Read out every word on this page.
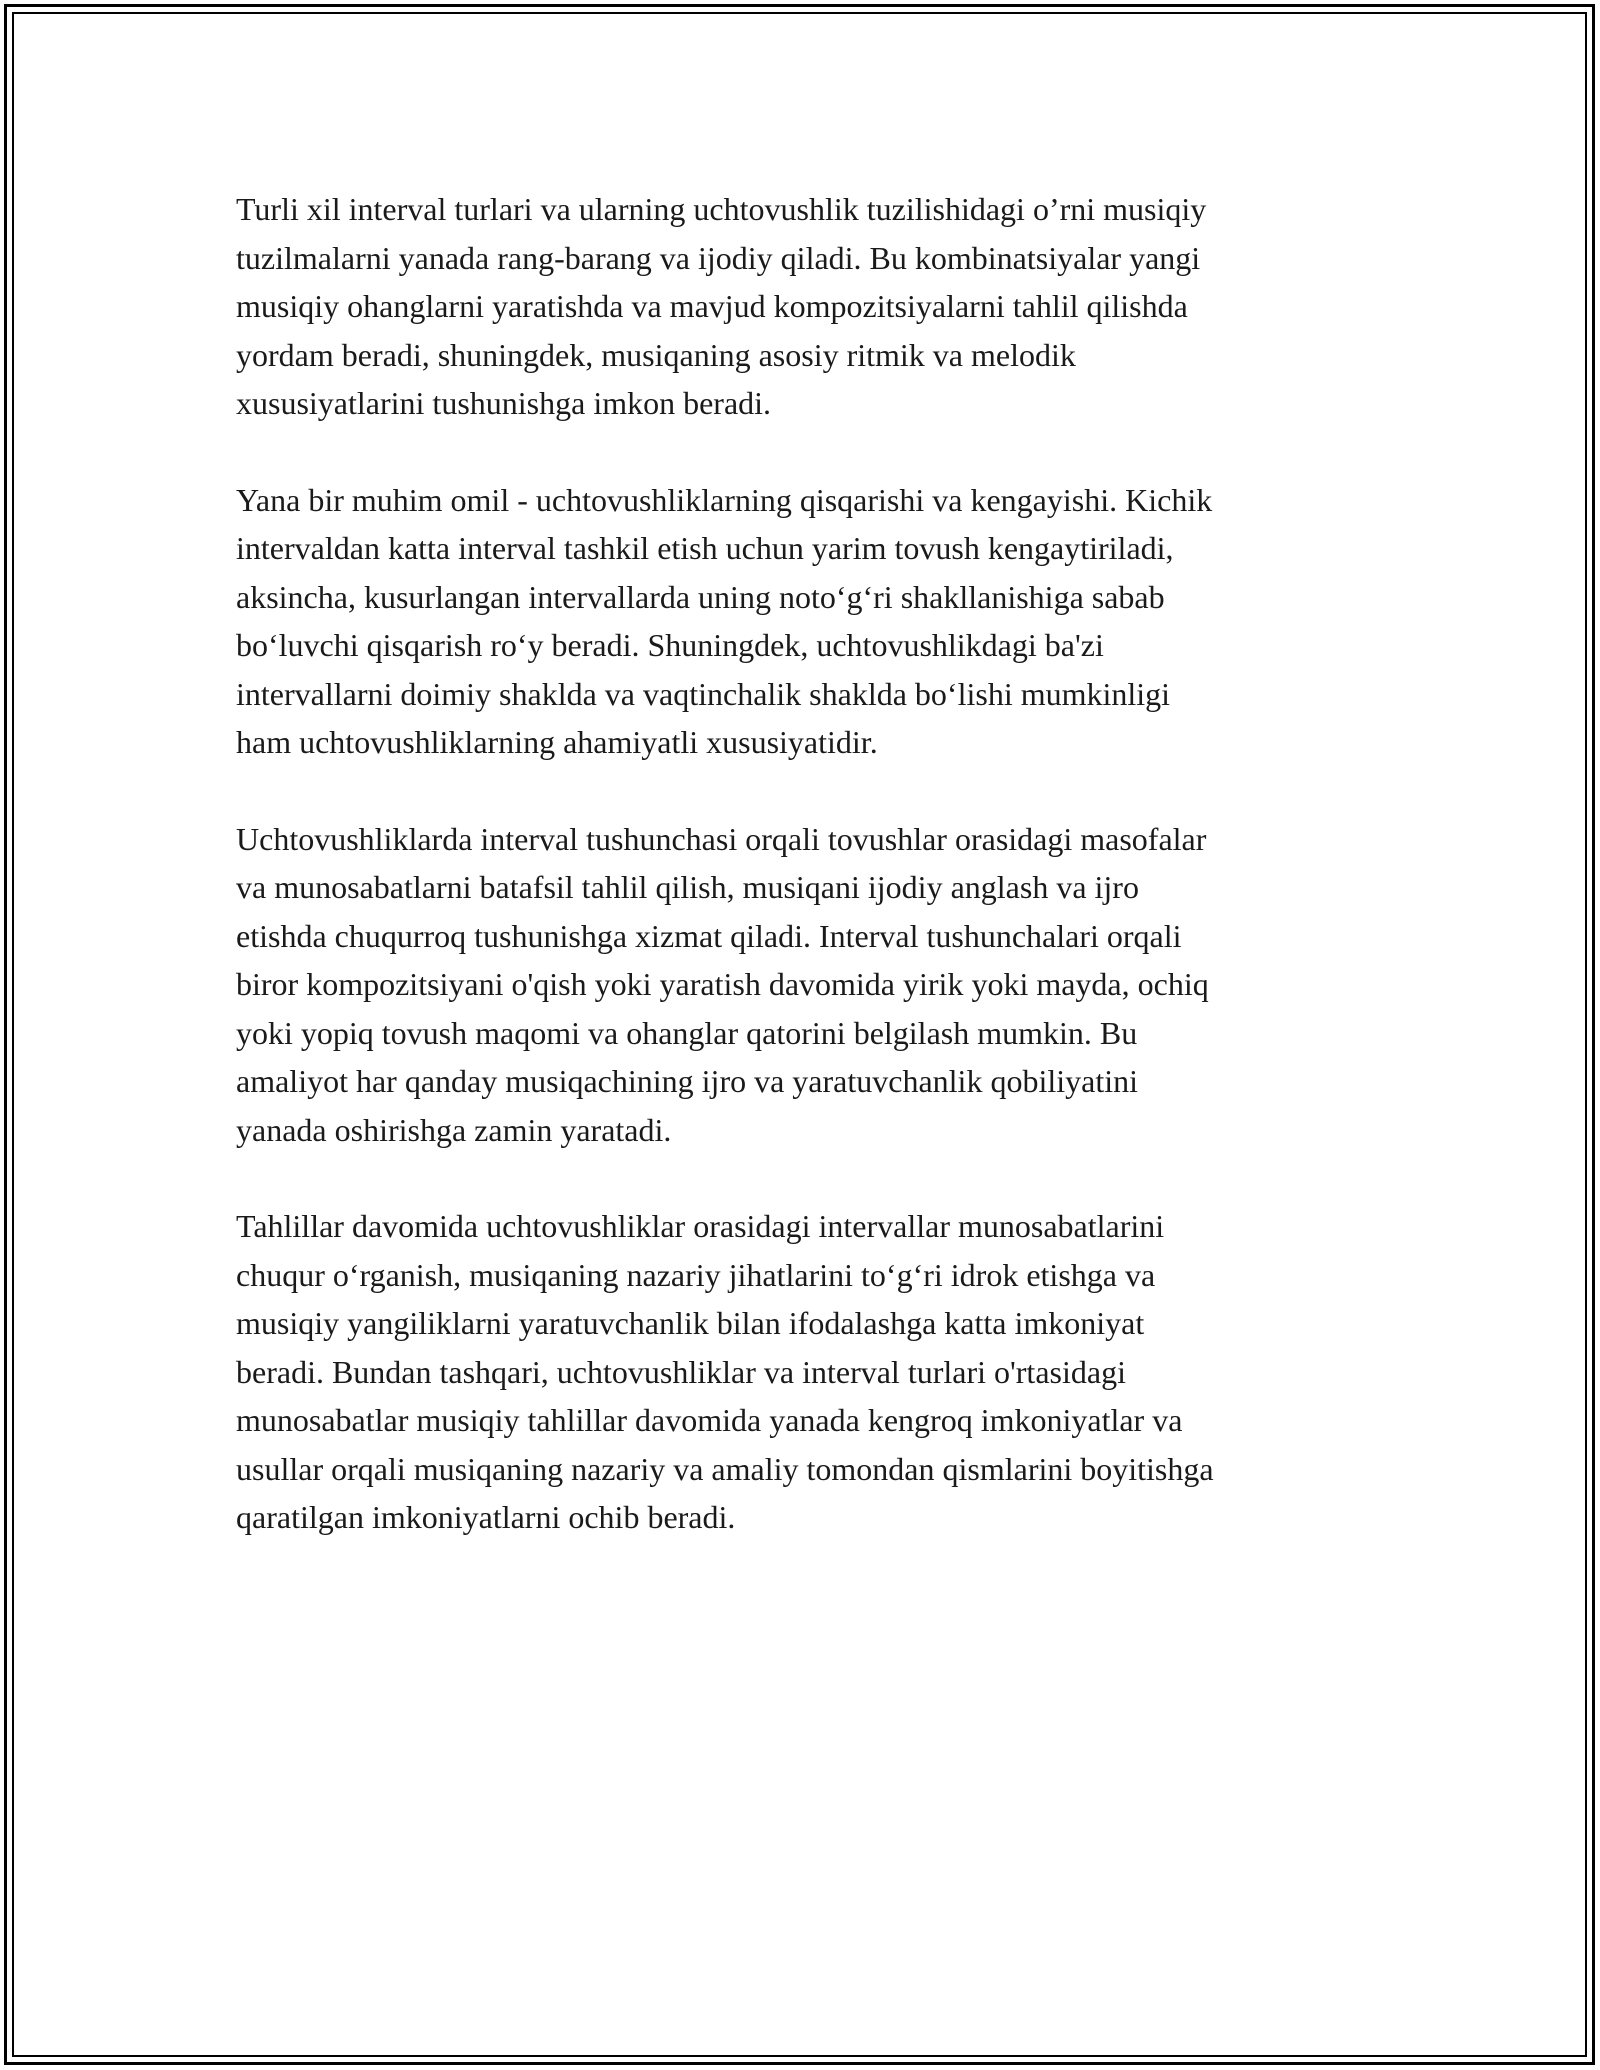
Turli xil interval turlari va ularning uchtovushlik tuzilishidagi o’rni musiqiy
tuzilmalarni yanada rang-barang va ijodiy qiladi. Bu kombinatsiyalar yangi
musiqiy ohanglarni yaratishda va mavjud kompozitsiyalarni tahlil qilishda
yordam beradi, shuningdek, musiqaning asosiy ritmik va melodik
xususiyatlarini tushunishga imkon beradi.

Yana bir muhim omil - uchtovushliklarning qisqarishi va kengayishi. Kichik
intervaldan katta interval tashkil etish uchun yarim tovush kengaytiriladi,
aksincha, kusurlangan intervallarda uning noto‘g‘ri shakllanishiga sabab
bo‘luvchi qisqarish ro‘y beradi. Shuningdek, uchtovushlikdagi ba'zi
intervallarni doimiy shaklda va vaqtinchalik shaklda bo‘lishi mumkinligi
ham uchtovushliklarning ahamiyatli xususiyatidir.

Uchtovushliklarda interval tushunchasi orqali tovushlar orasidagi masofalar
va munosabatlarni batafsil tahlil qilish, musiqani ijodiy anglash va ijro
etishda chuqurroq tushunishga xizmat qiladi. Interval tushunchalari orqali
biror kompozitsiyani o'qish yoki yaratish davomida yirik yoki mayda, ochiq
yoki yopiq tovush maqomi va ohanglar qatorini belgilash mumkin. Bu
amaliyot har qanday musiqachining ijro va yaratuvchanlik qobiliyatini
yanada oshirishga zamin yaratadi.

Tahlillar davomida uchtovushliklar orasidagi intervallar munosabatlarini
chuqur o‘rganish, musiqaning nazariy jihatlarini to‘g‘ri idrok etishga va
musiqiy yangiliklarni yaratuvchanlik bilan ifodalashga katta imkoniyat
beradi. Bundan tashqari, uchtovushliklar va interval turlari o'rtasidagi
munosabatlar musiqiy tahlillar davomida yanada kengroq imkoniyatlar va
usullar orqali musiqaning nazariy va amaliy tomondan qismlarini boyitishga
qaratilgan imkoniyatlarni ochib beradi.
